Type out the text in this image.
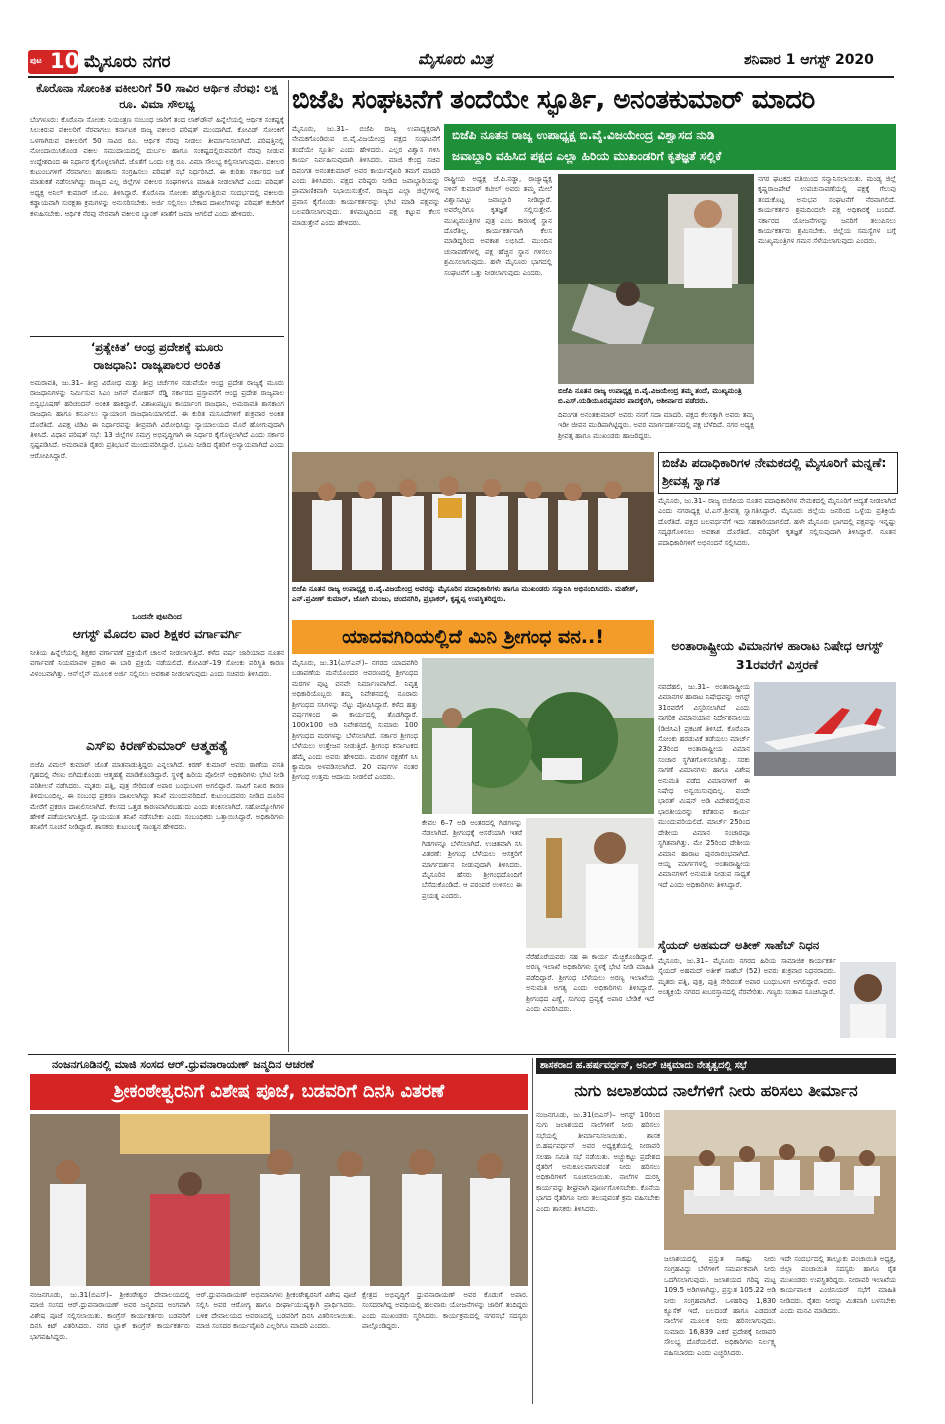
ಪುಟ 10 ಮೈಸೂರು ನಗರ	ಮೈಸೂರು ಮಿತ್ರ	ಶನಿವಾರ 1 ಆಗಸ್ಟ್ 2020
ಕೊರೊನಾ ಸೋಂಕಿತ ವಕೀಲರಿಗೆ 50 ಸಾವಿರ ಆರ್ಥಿಕ ನೆರವು: ಲಕ್ಷ ರೂ. ವಿಮಾ ಸೌಲಭ್ಯ
ಬೆಂಗಳೂರು: ಕೊರೊನಾ ಸೋಂಕು ನಿಯಂತ್ರಣ ಸಂಬಂಧ ಜಾರಿಗೆ ತಂದ ಲಾಕ್‌ಡೌನ್ ಹಿನ್ನೆಲೆಯಲ್ಲಿ ಆರ್ಥಿಕ ಸಂಕಷ್ಟಕ್ಕೆ ಸಿಲುಕಿರುವ ವಕೀಲರಿಗೆ ನೆರವಾಗಲು ಕರ್ನಾಟಕ ರಾಜ್ಯ ವಕೀಲರ ಪರಿಷತ್ ಮುಂದಾಗಿದೆ. ಕೋವಿಡ್ ಸೋಂಕಿಗೆ ಒಳಗಾಗಿರುವ ವಕೀಲರಿಗೆ 50 ಸಾವಿರ ರೂ. ಆರ್ಥಿಕ ನೆರವು ನೀಡಲು ತೀರ್ಮಾನಿಸಲಾಗಿದೆ. ಪರಿಷತ್ತಿನಲ್ಲಿ ನೋಂದಾಯಿಸಿಕೊಂಡ ವಕೀಲ ಸಮುದಾಯದಲ್ಲಿ ದುರ್ಬಲ ಹಾಗೂ ಸಂಕಷ್ಟದಲ್ಲಿರುವವರಿಗೆ ನೆರವು ನೀಡುವ ಉದ್ದೇಶದಿಂದ ಈ ನಿರ್ಧಾರ ಕೈಗೊಳ್ಳಲಾಗಿದೆ. ಜೊತೆಗೆ ಒಂದು ಲಕ್ಷ ರೂ. ವಿಮಾ ಸೌಲಭ್ಯ ಕಲ್ಪಿಸಲಾಗುವುದು. ವಕೀಲರ ಕುಟುಂಬಗಳಿಗೆ ನೆರವಾಗಲು ಹಣಕಾಸು ಸಂಗ್ರಹಿಸಲು ಪರಿಷತ್ ಸಭೆ ನಿರ್ಧರಿಸಿದೆ. ಈ ಕುರಿತು ಸರ್ಕಾರದ ಜತೆ ಮಾತುಕತೆ ನಡೆಸಲಾಗಿದ್ದು ರಾಜ್ಯದ ಎಲ್ಲ ಜಿಲ್ಲೆಗಳ ವಕೀಲರ ಸಂಘಗಳಿಗೂ ಮಾಹಿತಿ ನೀಡಲಾಗಿದೆ ಎಂದು ಪರಿಷತ್ ಅಧ್ಯಕ್ಷ ಅನಿಲ್ ಕುಮಾರ್ ಜೆ.ಎಂ. ತಿಳಿಸಿದ್ದಾರೆ. ಕೊರೊನಾ ಸೋಂಕು ಹೆಚ್ಚಾಗುತ್ತಿರುವ ಸಂದರ್ಭದಲ್ಲಿ ವಕೀಲರು ಕಡ್ಡಾಯವಾಗಿ ಸುರಕ್ಷತಾ ಕ್ರಮಗಳನ್ನು ಅನುಸರಿಸಬೇಕು. ಅರ್ಜಿ ಸಲ್ಲಿಸಲು ಬೇಕಾದ ದಾಖಲೆಗಳನ್ನು ಪರಿಷತ್ ಕಚೇರಿಗೆ ಕಳುಹಿಸಬೇಕು. ಆರ್ಥಿಕ ನೆರವು ನೇರವಾಗಿ ವಕೀಲರ ಬ್ಯಾಂಕ್ ಖಾತೆಗೆ ಜಮಾ ಆಗಲಿದೆ ಎಂದು ಹೇಳಿದರು.
‘ಪ್ರತ್ಯೇಕಿತ’ ಆಂಧ್ರ ಪ್ರದೇಶಕ್ಕೆ ಮೂರು
ರಾಜಧಾನಿ: ರಾಜ್ಯಪಾಲರ ಅಂಕಿತ
ಅಮರಾವತಿ, ಜು.31– ತೀವ್ರ ವಿರೋಧ ಮತ್ತು ತೀವ್ರ ಚರ್ಚೆಗಳ ನಡುವೆಯೇ ಆಂಧ್ರ ಪ್ರದೇಶ ರಾಜ್ಯಕ್ಕೆ ಮೂರು ರಾಜಧಾನಿಗಳನ್ನು ನಿರ್ಮಿಸುವ ಸಿಎಂ ಜಗನ್ ಮೋಹನ್ ರೆಡ್ಡಿ ಸರ್ಕಾರದ ಪ್ರಸ್ತಾವನೆಗೆ ಆಂಧ್ರ ಪ್ರದೇಶ ರಾಜ್ಯಪಾಲ ಬಿಸ್ವಭೂಷಣ್ ಹರಿಚಂದನ್ ಅಂಕಿತ ಹಾಕಿದ್ದಾರೆ. ವಿಶಾಖಪಟ್ಟಣ ಕಾರ್ಯಾಂಗ ರಾಜಧಾನಿ, ಅಮರಾವತಿ ಶಾಸಕಾಂಗ ರಾಜಧಾನಿ ಹಾಗೂ ಕರ್ನೂಲು ನ್ಯಾಯಾಂಗ ರಾಜಧಾನಿಯಾಗಲಿದೆ. ಈ ಕುರಿತ ಮಸೂದೆಗಳಿಗೆ ಶುಕ್ರವಾರ ಅಂಕಿತ ದೊರೆತಿದೆ. ವಿಪಕ್ಷ ಟಿಡಿಪಿ ಈ ನಿರ್ಧಾರವನ್ನು ತೀವ್ರವಾಗಿ ವಿರೋಧಿಸಿದ್ದು ನ್ಯಾಯಾಲಯದ ಮೊರೆ ಹೋಗುವುದಾಗಿ ತಿಳಿಸಿದೆ. ವಿಧಾನ ಪರಿಷತ್ ಸಭೆ: 13 ಜಿಲ್ಲೆಗಳ ಸಮಗ್ರ ಅಭಿವೃದ್ಧಿಗಾಗಿ ಈ ನಿರ್ಧಾರ ಕೈಗೊಳ್ಳಲಾಗಿದೆ ಎಂದು ಸರ್ಕಾರ ಸ್ಪಷ್ಟಪಡಿಸಿದೆ. ಅಮರಾವತಿ ರೈತರು ಪ್ರತಿಭಟನೆ ಮುಂದುವರಿಸಿದ್ದಾರೆ. ಭೂಮಿ ನೀಡಿದ ರೈತರಿಗೆ ಅನ್ಯಾಯವಾಗಿದೆ ಎಂದು ಆರೋಪಿಸಿದ್ದಾರೆ.
ಒಂದನೇ ಪುಟದಿಂದ
ಆಗಸ್ಟ್ ಮೊದಲ ವಾರ ಶಿಕ್ಷಕರ ವರ್ಗಾವರ್ಗಿ
ನೀತಿಯ ಹಿನ್ನೆಲೆಯಲ್ಲಿ ಶಿಕ್ಷಕರ ವರ್ಗಾವಣೆ ಪ್ರಕ್ರಿಯೆಗೆ ಚಾಲನೆ ನೀಡಲಾಗುತ್ತಿದೆ. ಕಳೆದ ವರ್ಷ ಜಾರಿಯಾದ ನೂತನ ವರ್ಗಾವಣೆ ನಿಯಮಾವಳಿ ಪ್ರಕಾರ ಈ ಬಾರಿ ಪ್ರಕ್ರಿಯೆ ನಡೆಯಲಿದೆ. ಕೋವಿಡ್–19 ಸೋಂಕು ಪರಿಸ್ಥಿತಿ ಕಾರಣ ವಿಳಂಬವಾಗಿತ್ತು. ಆನ್‌ಲೈನ್ ಮೂಲಕ ಅರ್ಜಿ ಸಲ್ಲಿಸಲು ಅವಕಾಶ ನೀಡಲಾಗುವುದು ಎಂದು ಸಚಿವರು ತಿಳಿಸಿದರು.
ಎಸ್‌ಐ ಕಿರಣ್‌ಕುಮಾರ್ ಆತ್ಮಹತ್ಯೆ
ಬಿಜೆಪಿ ವಿಮಲ್ ಕುಮಾರ್ ಜೊತೆ ಮಾತನಾಡುತ್ತಿದ್ದರು ಎನ್ನಲಾಗಿದೆ. ಕಿರಣ್ ಕುಮಾರ್ ಅವರು ಠಾಣೆಯ ವಸತಿ ಗೃಹದಲ್ಲಿ ನೇಣು ಬಿಗಿದುಕೊಂಡು ಆತ್ಮಹತ್ಯೆ ಮಾಡಿಕೊಂಡಿದ್ದಾರೆ. ಸ್ಥಳಕ್ಕೆ ಹಿರಿಯ ಪೊಲೀಸ್ ಅಧಿಕಾರಿಗಳು ಭೇಟಿ ನೀಡಿ ಪರಿಶೀಲನೆ ನಡೆಸಿದರು. ಮೃತರು ಪತ್ನಿ, ಪುತ್ರ ಸೇರಿದಂತೆ ಅಪಾರ ಬಂಧುಬಳಗ ಅಗಲಿದ್ದಾರೆ. ಸಾವಿಗೆ ನಿಖರ ಕಾರಣ ತಿಳಿದುಬಂದಿಲ್ಲ. ಈ ಸಂಬಂಧ ಪ್ರಕರಣ ದಾಖಲಾಗಿದ್ದು ತನಿಖೆ ಮುಂದುವರಿದಿದೆ. ಕುಟುಂಬದವರು ನೀಡಿದ ದೂರಿನ ಮೇರೆಗೆ ಪ್ರಕರಣ ದಾಖಲಿಸಲಾಗಿದೆ. ಕೆಲಸದ ಒತ್ತಡ ಕಾರಣವಾಗಿರಬಹುದು ಎಂದು ಶಂಕಿಸಲಾಗಿದೆ. ಸಹೋದ್ಯೋಗಿಗಳ ಹೇಳಿಕೆ ಪಡೆಯಲಾಗುತ್ತಿದೆ. ನ್ಯಾಯಯುತ ತನಿಖೆ ನಡೆಸಬೇಕು ಎಂದು ಸಂಬಂಧಿಕರು ಒತ್ತಾಯಿಸಿದ್ದಾರೆ. ಅಧಿಕಾರಿಗಳು ತನಿಖೆಗೆ ಸೂಚನೆ ನೀಡಿದ್ದಾರೆ. ಶಾಸಕರು ಕುಟುಂಬಕ್ಕೆ ಸಾಂತ್ವನ ಹೇಳಿದರು.
ಬಿಜೆಪಿ ಸಂಘಟನೆಗೆ ತಂದೆಯೇ ಸ್ಫೂರ್ತಿ, ಅನಂತಕುಮಾರ್ ಮಾದರಿ
ಬಿಜೆಪಿ ನೂತನ ರಾಜ್ಯ ಉಪಾಧ್ಯಕ್ಷ ಬಿ.ವೈ.ವಿಜಯೇಂದ್ರ ವಿಶ್ವಾಸದ ನುಡಿ
ಜವಾಬ್ದಾರಿ ವಹಿಸಿದ ಪಕ್ಷದ ಎಲ್ಲಾ ಹಿರಿಯ ಮುಖಂಡರಿಗೆ ಕೃತಜ್ಞತೆ ಸಲ್ಲಿಕೆ
ಮೈಸೂರು, ಜು.31– ಬಿಜೆಪಿ ರಾಜ್ಯ ಉಪಾಧ್ಯಕ್ಷರಾಗಿ ನೇಮಕಗೊಂಡಿರುವ ಬಿ.ವೈ.ವಿಜಯೇಂದ್ರ ಪಕ್ಷದ ಸಂಘಟನೆಗೆ ತಂದೆಯೇ ಸ್ಫೂರ್ತಿ ಎಂದು ಹೇಳಿದರು. ಎಲ್ಲರ ವಿಶ್ವಾಸ ಗಳಿಸಿ ಕಾರ್ಯ ನಿರ್ವಹಿಸುವುದಾಗಿ ತಿಳಿಸಿದರು. ಮಾಜಿ ಕೇಂದ್ರ ಸಚಿವ ದಿವಂಗತ ಅನಂತಕುಮಾರ್ ಅವರ ಕಾರ್ಯವೈಖರಿ ತಮಗೆ ಮಾದರಿ ಎಂದು ತಿಳಿಸಿದರು. ಪಕ್ಷದ ವರಿಷ್ಠರು ನೀಡಿದ ಜವಾಬ್ದಾರಿಯನ್ನು ಪ್ರಾಮಾಣಿಕವಾಗಿ ನಿಭಾಯಿಸುತ್ತೇನೆ. ರಾಜ್ಯದ ಎಲ್ಲಾ ಜಿಲ್ಲೆಗಳಲ್ಲಿ ಪ್ರವಾಸ ಕೈಗೊಂಡು ಕಾರ್ಯಕರ್ತರನ್ನು ಭೇಟಿ ಮಾಡಿ ಪಕ್ಷವನ್ನು ಬಲಪಡಿಸಲಾಗುವುದು. ತಳಮಟ್ಟದಿಂದ ಪಕ್ಷ ಕಟ್ಟುವ ಕೆಲಸ ಮಾಡುತ್ತೇನೆ ಎಂದು ಹೇಳಿದರು.
ರಾಷ್ಟ್ರೀಯ ಅಧ್ಯಕ್ಷ ಜೆ.ಪಿ.ನಡ್ಡಾ, ರಾಜ್ಯಾಧ್ಯಕ್ಷ ನಳಿನ್ ಕುಮಾರ್ ಕಟೀಲ್ ಅವರು ತಮ್ಮ ಮೇಲೆ ವಿಶ್ವಾಸವಿಟ್ಟು ಜವಾಬ್ದಾರಿ ನೀಡಿದ್ದಾರೆ. ಅವರೆಲ್ಲರಿಗೂ ಕೃತಜ್ಞತೆ ಸಲ್ಲಿಸುತ್ತೇನೆ. ಮುಖ್ಯಮಂತ್ರಿಗಳ ಪುತ್ರ ಎಂಬ ಕಾರಣಕ್ಕೆ ಸ್ಥಾನ ದೊರೆತಿಲ್ಲ. ಕಾರ್ಯಕರ್ತನಾಗಿ ಕೆಲಸ ಮಾಡಿದ್ದರಿಂದ ಅವಕಾಶ ಲಭಿಸಿದೆ. ಮುಂದಿನ ಚುನಾವಣೆಗಳಲ್ಲಿ ಪಕ್ಷ ಹೆಚ್ಚಿನ ಸ್ಥಾನ ಗಳಿಸಲು ಶ್ರಮಿಸಲಾಗುವುದು. ಹಳೇ ಮೈಸೂರು ಭಾಗದಲ್ಲಿ ಸಂಘಟನೆಗೆ ಒತ್ತು ನೀಡಲಾಗುವುದು ಎಂದರು.
ಬಿಜೆಪಿ ನೂತನ ರಾಜ್ಯ ಉಪಾಧ್ಯಕ್ಷ ಬಿ.ವೈ.ವಿಜಯೇಂದ್ರ ತಮ್ಮ ತಂದೆ, ಮುಖ್ಯಮಂತ್ರಿ ಬಿ.ಎಸ್.ಯಡಿಯೂರಪ್ಪನವರ ಪಾದಕ್ಕೆರಗಿ, ಆಶೀರ್ವಾದ ಪಡೆದರು.
ದಿವಂಗತ ಅನಂತಕುಮಾರ್ ಅವರು ನನಗೆ ಸದಾ ಮಾದರಿ. ಪಕ್ಷದ ಕೆಲಸಕ್ಕಾಗಿ ಅವರು ತಮ್ಮ ಇಡೀ ಜೀವನ ಮುಡಿಪಾಗಿಟ್ಟಿದ್ದರು. ಅವರ ಮಾರ್ಗದರ್ಶನದಲ್ಲಿ ಪಕ್ಷ ಬೆಳೆದಿದೆ. ನಗರ ಅಧ್ಯಕ್ಷ ಶ್ರೀವತ್ಸ ಹಾಗೂ ಮುಖಂಡರು ಹಾಜರಿದ್ದರು.
ನಗರ ಘಟಕದ ವತಿಯಿಂದ ಸನ್ಮಾನಿಸಲಾಯಿತು. ಮಂಡ್ಯ ಜಿಲ್ಲೆ ಕೃಷ್ಣರಾಜಪೇಟೆ ಉಪಚುನಾವಣೆಯಲ್ಲಿ ಪಕ್ಷಕ್ಕೆ ಗೆಲುವು ತಂದುಕೊಟ್ಟ ಅನುಭವ ಸಂಘಟನೆಗೆ ನೆರವಾಗಲಿದೆ. ಕಾರ್ಯಕರ್ತರ ಶ್ರಮದಿಂದಲೇ ಪಕ್ಷ ಅಧಿಕಾರಕ್ಕೆ ಬಂದಿದೆ. ಸರ್ಕಾರದ ಯೋಜನೆಗಳನ್ನು ಜನರಿಗೆ ತಲುಪಿಸಲು ಕಾರ್ಯಕರ್ತರು ಶ್ರಮಿಸಬೇಕು. ಜಿಲ್ಲೆಯ ಸಮಸ್ಯೆಗಳ ಬಗ್ಗೆ ಮುಖ್ಯಮಂತ್ರಿಗಳ ಗಮನ ಸೆಳೆಯಲಾಗುವುದು ಎಂದರು.
ಬಿಜೆಪಿ ನೂತನ ರಾಜ್ಯ ಉಪಾಧ್ಯಕ್ಷ ಬಿ.ವೈ.ವಿಜಯೇಂದ್ರ ಅವರನ್ನು ಮೈಸೂರಿನ ಪದಾಧಿಕಾರಿಗಳು ಹಾಗೂ ಮುಖಂಡರು ಸನ್ಮಾನಿಸಿ ಅಭಿನಂದಿಸಿದರು. ಮಹೇಶ್, ಎನ್.ಪ್ರವೀಣ್ ಕುಮಾರ್, ಜೋಗಿ ಮಂಜು, ಚಂದನಗಿರಿ, ಪ್ರಭಾಕರ್, ಕೃಷ್ಣಪ್ಪ ಉಪಸ್ಥಿತರಿದ್ದರು.
ಬಿಜೆಪಿ ಪದಾಧಿಕಾರಿಗಳ ನೇಮಕದಲ್ಲಿ ಮೈಸೂರಿಗೆ ಮನ್ನಣೆ: ಶ್ರೀವತ್ಸ ಸ್ವಾಗತ
ಮೈಸೂರು, ಜು.31– ರಾಜ್ಯ ಬಿಜೆಪಿಯ ನೂತನ ಪದಾಧಿಕಾರಿಗಳ ನೇಮಕದಲ್ಲಿ ಮೈಸೂರಿಗೆ ಆದ್ಯತೆ ನೀಡಲಾಗಿದೆ ಎಂದು ನಗರಾಧ್ಯಕ್ಷ ಟಿ.ಎಸ್.ಶ್ರೀವತ್ಸ ಸ್ವಾಗತಿಸಿದ್ದಾರೆ. ಮೈಸೂರು ಜಿಲ್ಲೆಯ ಜನರಿಂದ ಒಳ್ಳೆಯ ಪ್ರತಿಕ್ರಿಯೆ ದೊರೆತಿದೆ. ಪಕ್ಷದ ಬಲವರ್ಧನೆಗೆ ಇದು ಸಹಕಾರಿಯಾಗಲಿದೆ. ಹಳೇ ಮೈಸೂರು ಭಾಗದಲ್ಲಿ ಪಕ್ಷವನ್ನು ಇನ್ನಷ್ಟು ಸದೃಢಗೊಳಿಸಲು ಅವಕಾಶ ದೊರೆತಿದೆ. ವರಿಷ್ಠರಿಗೆ ಕೃತಜ್ಞತೆ ಸಲ್ಲಿಸುವುದಾಗಿ ತಿಳಿಸಿದ್ದಾರೆ. ನೂತನ ಪದಾಧಿಕಾರಿಗಳಿಗೆ ಅಭಿನಂದನೆ ಸಲ್ಲಿಸಿದರು.
ಅಂತಾರಾಷ್ಟ್ರೀಯ ವಿಮಾನಗಳ ಹಾರಾಟ ನಿಷೇಧ ಆಗಸ್ಟ್ 31ರವರೆಗೆ ವಿಸ್ತರಣೆ
ನವದೆಹಲಿ, ಜು.31– ಅಂತಾರಾಷ್ಟ್ರೀಯ ವಿಮಾನಗಳ ಹಾರಾಟ ನಿಷೇಧವನ್ನು ಆಗಸ್ಟ್ 31ರವರೆಗೆ ವಿಸ್ತರಿಸಲಾಗಿದೆ ಎಂದು ನಾಗರಿಕ ವಿಮಾನಯಾನ ನಿರ್ದೇಶನಾಲಯ (ಡಿಜಿಸಿಎ) ಪ್ರಕಟಣೆ ತಿಳಿಸಿದೆ. ಕೊರೊನಾ ಸೋಂಕು ಹರಡುವಿಕೆ ತಡೆಯಲು ಮಾರ್ಚ್ 23ರಿಂದ ಅಂತಾರಾಷ್ಟ್ರೀಯ ವಿಮಾನ ಸಂಚಾರ ಸ್ಥಗಿತಗೊಳಿಸಲಾಗಿತ್ತು. ಸರಕು ಸಾಗಣೆ ವಿಮಾನಗಳು ಹಾಗೂ ವಿಶೇಷ ಅನುಮತಿ ಪಡೆದ ವಿಮಾನಗಳಿಗೆ ಈ ನಿಷೇಧ ಅನ್ವಯಿಸುವುದಿಲ್ಲ. ವಂದೇ ಭಾರತ್ ಮಿಷನ್ ಅಡಿ ವಿದೇಶದಲ್ಲಿರುವ ಭಾರತೀಯರನ್ನು ಕರೆತರುವ ಕಾರ್ಯ ಮುಂದುವರಿಯಲಿದೆ. ಮಾರ್ಚ್ 25ರಿಂದ ದೇಶೀಯ ವಿಮಾನ ಸಂಚಾರವೂ ಸ್ಥಗಿತವಾಗಿತ್ತು. ಮೇ 25ರಿಂದ ದೇಶೀಯ ವಿಮಾನ ಹಾರಾಟ ಪುನರಾರಂಭವಾಗಿದೆ. ಆಯ್ದ ಮಾರ್ಗಗಳಲ್ಲಿ ಅಂತಾರಾಷ್ಟ್ರೀಯ ವಿಮಾನಗಳಿಗೆ ಅನುಮತಿ ನೀಡುವ ಸಾಧ್ಯತೆ ಇದೆ ಎಂದು ಅಧಿಕಾರಿಗಳು ತಿಳಿಸಿದ್ದಾರೆ.
ಸೈಯದ್ ಅಹಮದ್ ಅತೀಕ್ ಸಾಹೆಬ್ ನಿಧನ
ಮೈಸೂರು, ಜು.31– ಮೈಸೂರು ನಗರದ ಹಿರಿಯ ಸಾಮಾಜಿಕ ಕಾರ್ಯಕರ್ತ ಸೈಯದ್ ಅಹಮದ್ ಅತೀಕ್ ಸಾಹೆಬ್ (52) ಅವರು ಶುಕ್ರವಾರ ನಿಧನರಾದರು. ಮೃತರು ಪತ್ನಿ, ಪುತ್ರ, ಪುತ್ರಿ ಸೇರಿದಂತೆ ಅಪಾರ ಬಂಧುಬಳಗ ಅಗಲಿದ್ದಾರೆ. ಅವರ ಅಂತ್ಯಕ್ರಿಯೆ ನಗರದ ಖಬರಸ್ತಾನದಲ್ಲಿ ನೆರವೇರಿತು. ಗಣ್ಯರು ಸಂತಾಪ ಸೂಚಿಸಿದ್ದಾರೆ.
ಯಾದವಗಿರಿಯಲ್ಲಿದೆ ಮಿನಿ ಶ್ರೀಗಂಧ ವನ..!
ಮೈಸೂರು, ಜು.31(ಎಸ್‌ಎನ್)– ನಗರದ ಯಾದವಗಿರಿ ಬಡಾವಣೆಯ ಮನೆಯೊಂದರ ಆವರಣದಲ್ಲಿ ಶ್ರೀಗಂಧದ ಮರಗಳ ಪುಟ್ಟ ವನವೇ ನಿರ್ಮಾಣವಾಗಿದೆ. ನಿವೃತ್ತ ಅಧಿಕಾರಿಯೊಬ್ಬರು ತಮ್ಮ ನಿವೇಶನದಲ್ಲಿ ನೂರಾರು ಶ್ರೀಗಂಧದ ಸಸಿಗಳನ್ನು ನೆಟ್ಟು ಪೋಷಿಸಿದ್ದಾರೆ. ಕಳೆದ ಹತ್ತು ವರ್ಷಗಳಿಂದ ಈ ಕಾರ್ಯದಲ್ಲಿ ತೊಡಗಿದ್ದಾರೆ. 100x100 ಅಡಿ ನಿವೇಶನದಲ್ಲಿ ಸುಮಾರು 100 ಶ್ರೀಗಂಧದ ಮರಗಳನ್ನು ಬೆಳೆಸಲಾಗಿದೆ. ಸರ್ಕಾರ ಶ್ರೀಗಂಧ ಬೆಳೆಯಲು ಉತ್ತೇಜನ ನೀಡುತ್ತಿದೆ. ಶ್ರೀಗಂಧ ಕರ್ನಾಟಕದ ಹೆಮ್ಮೆ ಎಂದು ಅವರು ಹೇಳಿದರು. ಮರಗಳ ರಕ್ಷಣೆಗೆ ಸಿಸಿ ಕ್ಯಾಮರಾ ಅಳವಡಿಸಲಾಗಿದೆ. 20 ವರ್ಷಗಳ ನಂತರ ಶ್ರೀಗಂಧ ಉತ್ತಮ ಆದಾಯ ನೀಡಲಿದೆ ಎಂದರು.
ಕೇವಲ 6–7 ಅಡಿ ಅಂತರದಲ್ಲಿ ಗಿಡಗಳನ್ನು ನೆಡಲಾಗಿದೆ. ಶ್ರೀಗಂಧಕ್ಕೆ ಆಸರೆಯಾಗಿ ಇತರೆ ಗಿಡಗಳನ್ನೂ ಬೆಳೆಸಲಾಗಿದೆ. ಉಚಿತವಾಗಿ ಸಸಿ ವಿತರಣೆ: ಶ್ರೀಗಂಧ ಬೆಳೆಯಲು ಆಸಕ್ತರಿಗೆ ಮಾರ್ಗದರ್ಶನ ನೀಡುವುದಾಗಿ ತಿಳಿಸಿದರು. ಮೈಸೂರಿನ ಹೆಸರು ಶ್ರೀಗಂಧದೊಂದಿಗೆ ಬೆಸೆದುಕೊಂಡಿದೆ. ಆ ಪರಂಪರೆ ಉಳಿಸಲು ಈ ಪ್ರಯತ್ನ ಎಂದರು.
ನೆರೆಹೊರೆಯವರು ಸಹ ಈ ಕಾರ್ಯ ಮೆಚ್ಚಿಕೊಂಡಿದ್ದಾರೆ. ಅರಣ್ಯ ಇಲಾಖೆ ಅಧಿಕಾರಿಗಳು ಸ್ಥಳಕ್ಕೆ ಭೇಟಿ ನೀಡಿ ಮಾಹಿತಿ ಪಡೆದಿದ್ದಾರೆ. ಶ್ರೀಗಂಧ ಬೆಳೆಯಲು ಅರಣ್ಯ ಇಲಾಖೆಯ ಅನುಮತಿ ಅಗತ್ಯ ಎಂದು ಅಧಿಕಾರಿಗಳು ತಿಳಿಸಿದ್ದಾರೆ. ಶ್ರೀಗಂಧದ ಎಣ್ಣೆ, ಸುಗಂಧ ದ್ರವ್ಯಕ್ಕೆ ಅಪಾರ ಬೇಡಿಕೆ ಇದೆ ಎಂದು ವಿವರಿಸಿದರು.
ನಂಜನಗೂಡಿನಲ್ಲಿ ಮಾಜಿ ಸಂಸದ ಆರ್.ಧ್ರುವನಾರಾಯಣ್ ಜನ್ಮದಿನ ಆಚರಣೆ
ಶ್ರೀಕಂಠೇಶ್ವರನಿಗೆ ವಿಶೇಷ ಪೂಜೆ, ಬಡವರಿಗೆ ದಿನಸಿ ವಿತರಣೆ
ನಂಜನಗೂಡು, ಜು.31(ಬಿಎಸ್)– ಶ್ರೀಕಂಠೇಶ್ವರ ದೇವಾಲಯದಲ್ಲಿ ಮಾಜಿ ಸಂಸದ ಆರ್.ಧ್ರುವನಾರಾಯಣ್ ಅವರ ಜನ್ಮದಿನದ ಅಂಗವಾಗಿ ವಿಶೇಷ ಪೂಜೆ ಸಲ್ಲಿಸಲಾಯಿತು. ಕಾಂಗ್ರೆಸ್ ಕಾರ್ಯಕರ್ತರು ಬಡವರಿಗೆ ದಿನಸಿ ಕಿಟ್ ವಿತರಿಸಿದರು. ನಗರ ಬ್ಲಾಕ್ ಕಾಂಗ್ರೆಸ್ ಕಾರ್ಯಕರ್ತರು ಭಾಗವಹಿಸಿದ್ದರು.
ಆರ್.ಧ್ರುವನಾರಾಯಣ್ ಅಭಿಮಾನಿಗಳು ಶ್ರೀಕಂಠೇಶ್ವರನಿಗೆ ವಿಶೇಷ ಪೂಜೆ ಸಲ್ಲಿಸಿ ಅವರ ಆರೋಗ್ಯ ಹಾಗೂ ದೀರ್ಘಾಯುಷ್ಯಕ್ಕಾಗಿ ಪ್ರಾರ್ಥಿಸಿದರು. ಬಳಿಕ ದೇವಾಲಯದ ಆವರಣದಲ್ಲಿ ಬಡವರಿಗೆ ದಿನಸಿ ವಿತರಿಸಲಾಯಿತು. ಮಾಜಿ ಸಂಸದರ ಕಾರ್ಯವೈಖರಿ ಎಲ್ಲರಿಗೂ ಮಾದರಿ ಎಂದರು.
ಕ್ಷೇತ್ರದ ಅಭಿವೃದ್ಧಿಗೆ ಧ್ರುವನಾರಾಯಣ್ ಅವರ ಕೊಡುಗೆ ಅಪಾರ. ಸಂಸದರಾಗಿದ್ದ ಅವಧಿಯಲ್ಲಿ ಹಲವಾರು ಯೋಜನೆಗಳನ್ನು ಜಾರಿಗೆ ತಂದಿದ್ದರು ಎಂದು ಮುಖಂಡರು ಸ್ಮರಿಸಿದರು. ಕಾರ್ಯಕ್ರಮದಲ್ಲಿ ನಗರಸಭೆ ಸದಸ್ಯರು ಪಾಲ್ಗೊಂಡಿದ್ದರು.
ಶಾಸಕರಾದ ಹ.ಹರ್ಷವರ್ಧನ್, ಅನಿಲ್ ಚಿಕ್ಕಮಾದು ನೇತೃತ್ವದಲ್ಲಿ ಸಭೆ
ನುಗು ಜಲಾಶಯದ ನಾಲೆಗಳಿಗೆ ನೀರು ಹರಿಸಲು ತೀರ್ಮಾನ
ನಂಜನಗೂಡು, ಜು.31(ಬಿಎಸ್)– ಆಗಸ್ಟ್ 10ರಿಂದ ನುಗು ಜಲಾಶಯದ ನಾಲೆಗಳಿಗೆ ನೀರು ಹರಿಸಲು ಸಭೆಯಲ್ಲಿ ತೀರ್ಮಾನಿಸಲಾಯಿತು. ಶಾಸಕ ಬಿ.ಹರ್ಷವರ್ಧನ್ ಅವರ ಅಧ್ಯಕ್ಷತೆಯಲ್ಲಿ ನೀರಾವರಿ ಸಲಹಾ ಸಮಿತಿ ಸಭೆ ನಡೆಯಿತು. ಅಚ್ಚುಕಟ್ಟು ಪ್ರದೇಶದ ರೈತರಿಗೆ ಅನುಕೂಲವಾಗುವಂತೆ ನೀರು ಹರಿಸಲು ಅಧಿಕಾರಿಗಳಿಗೆ ಸೂಚಿಸಲಾಯಿತು. ನಾಲೆಗಳ ದುರಸ್ತಿ ಕಾರ್ಯವನ್ನು ಶೀಘ್ರವಾಗಿ ಪೂರ್ಣಗೊಳಿಸಬೇಕು. ಕೊನೆಯ ಭಾಗದ ರೈತರಿಗೂ ನೀರು ತಲುಪುವಂತೆ ಕ್ರಮ ವಹಿಸಬೇಕು ಎಂದು ಶಾಸಕರು ತಿಳಿಸಿದರು.
ಜಲಾಶಯದಲ್ಲಿ ಪ್ರಸ್ತುತ ಸಾಕಷ್ಟು ನೀರು ಸಂಗ್ರಹವಿದ್ದು ಬೆಳೆಗಳಿಗೆ ಸಮರ್ಪಕವಾಗಿ ನೀರು ಒದಗಿಸಲಾಗುವುದು. ಜಲಾಶಯದ ಗರಿಷ್ಠ ಮಟ್ಟ 109.5 ಅಡಿಗಳಾಗಿದ್ದು, ಪ್ರಸ್ತುತ 105.22 ಅಡಿ ನೀರು ಸಂಗ್ರಹವಾಗಿದೆ. ಒಳಹರಿವು 1,830 ಕ್ಯೂಸೆಕ್ ಇದೆ. ಬಲದಂಡೆ ಹಾಗೂ ಎಡದಂಡೆ ನಾಲೆಗಳ ಮೂಲಕ ನೀರು ಹರಿಸಲಾಗುವುದು. ಸುಮಾರು 16,839 ಎಕರೆ ಪ್ರದೇಶಕ್ಕೆ ನೀರಾವರಿ ಸೌಲಭ್ಯ ದೊರೆಯಲಿದೆ. ಅಧಿಕಾರಿಗಳು ನಿರ್ಲಕ್ಷ್ಯ ವಹಿಸಬಾರದು ಎಂದು ಎಚ್ಚರಿಸಿದರು.
ಇದೇ ಸಂದರ್ಭದಲ್ಲಿ ತಾಲ್ಲೂಕು ಪಂಚಾಯಿತಿ ಅಧ್ಯಕ್ಷ, ಜಿಲ್ಲಾ ಪಂಚಾಯಿತಿ ಸದಸ್ಯರು ಹಾಗೂ ರೈತ ಮುಖಂಡರು ಉಪಸ್ಥಿತರಿದ್ದರು. ನೀರಾವರಿ ಇಲಾಖೆಯ ಕಾರ್ಯಪಾಲಕ ಎಂಜಿನಿಯರ್ ಸಭೆಗೆ ಮಾಹಿತಿ ನೀಡಿದರು. ರೈತರು ನೀರನ್ನು ಮಿತವಾಗಿ ಬಳಸಬೇಕು ಎಂದು ಮನವಿ ಮಾಡಿದರು.
